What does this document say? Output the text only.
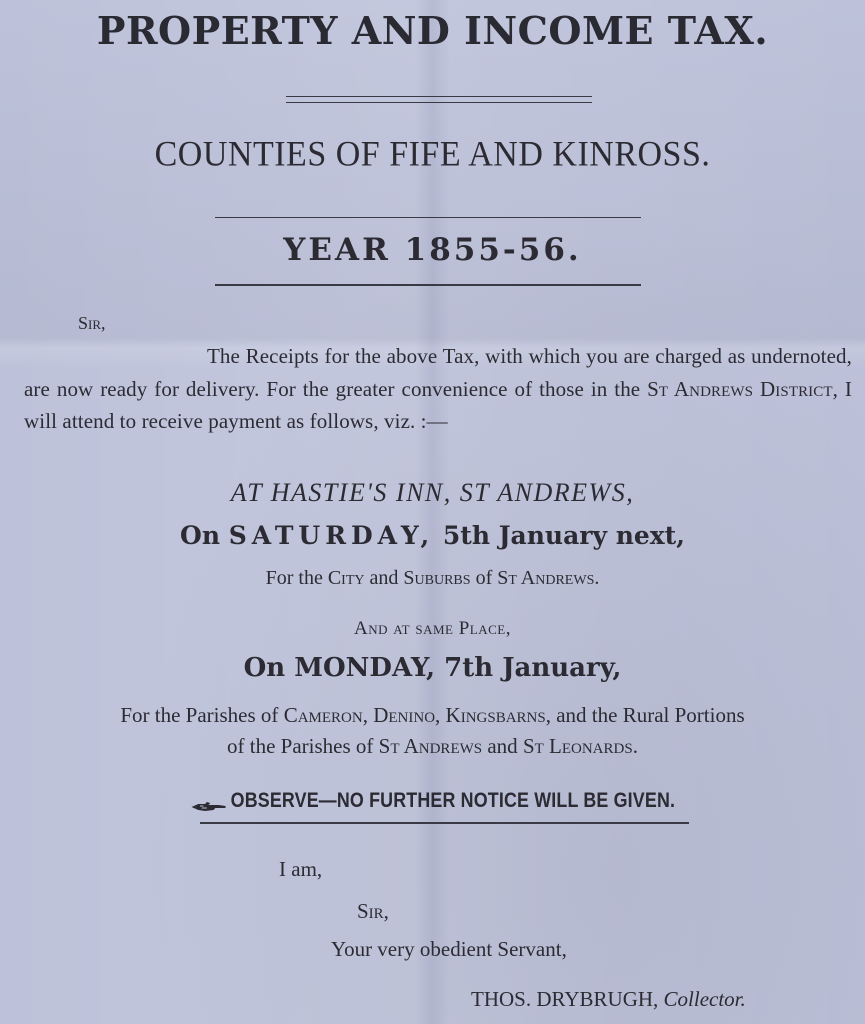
PROPERTY AND INCOME TAX.
COUNTIES OF FIFE AND KINROSS.
YEAR 1855-56.
Sir,
The Receipts for the above Tax, with which you are charged as undernoted, are now ready for delivery. For the greater convenience of those in the St Andrews District, I will attend to receive payment as follows, viz. :—
AT HASTIE'S INN, ST ANDREWS,
On SATURDAY, 5th January next,
For the City and Suburbs of St Andrews.
And at same Place,
On MONDAY, 7th January,
For the Parishes of Cameron, Denino, Kingsbarns, and the Rural Portions
of the Parishes of St Andrews and St Leonards.
OBSERVE—NO FURTHER NOTICE WILL BE GIVEN.
I am,
Sir,
Your very obedient Servant,
THOS. DRYBRUGH, Collector.
